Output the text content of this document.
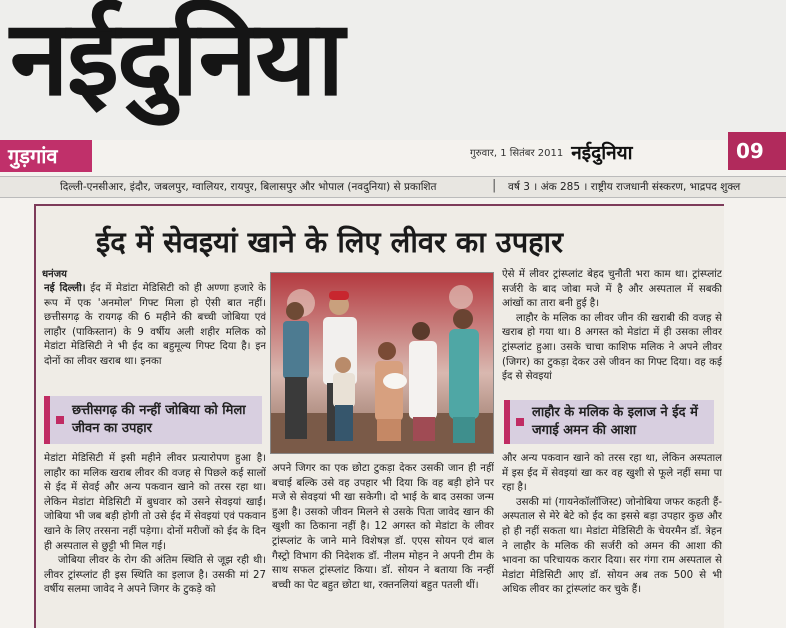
नईदुनिया
गुड़गांव	गुरुवार, 1 सितंबर 2011 नईदुनिया	09
दिल्ली-एनसीआर, इंदौर, जबलपुर, ग्वालियर, रायपुर, बिलासपुर और भोपाल (नवदुनिया) से प्रकाशित	| वर्ष 3 । अंक 285 । राष्ट्रीय राजधानी संस्करण, भाद्रपद शुक्ल
ईद में सेवइयां खाने के लिए लीवर का उपहार
धनंजय

नई दिल्ली। ईद में मेडांटा मेडिसिटी को ही अण्णा हजारे के रूप में एक 'अनमोल' गिफ्ट मिला हो ऐसी बात नहीं। छत्तीसगढ़ के रायगढ़ की 6 महीने की बच्ची जोबिया एवं लाहौर (पाकिस्तान) के 9 वर्षीय अली शहीर मलिक को मेडांटा मेडिसिटी ने भी ईद का बहुमूल्य गिफ्ट दिया है। इन दोनों का लीवर खराब था। इनका

छत्तीसगढ़ की नन्हीं जोबिया को मिला जीवन का उपहार

मेडांटा मेडिसिटी में इसी महीने लीवर प्रत्यारोपण हुआ है। लाहौर का मलिक खराब लीवर की वजह से पिछले कई सालों से ईद में सेवई और अन्य पकवान खाने को तरस रहा था। लेकिन मेडांटा मेडिसिटी में बुधवार को उसने सेवइयां खाईं। जोबिया भी जब बड़ी होगी तो उसे ईद में सेवइयां एवं पकवान खाने के लिए तरसना नहीं पड़ेगा। दोनों मरीजों को ईद के दिन ही अस्पताल से छुट्टी भी मिल गई।

जोबिया लीवर के रोग की अंतिम स्थिति से जूझ रही थी। लीवर ट्रांस्प्लांट ही इस स्थिति का इलाज है। उसकी मां 27 वर्षीय सलमा जावेद ने अपने जिगर के टुकड़े को

अपने जिगर का एक छोटा टुकड़ा देकर उसकी जान ही नहीं बचाई बल्कि उसे वह उपहार भी दिया कि वह बड़ी होने पर मजे से सेवइयां भी खा सकेगी। दो भाई के बाद उसका जन्म हुआ है। उसको जीवन मिलने से उसके पिता जावेद खान की खुशी का ठिकाना नहीं है। 12 अगस्त को मेडांटा के लीवर ट्रांस्प्लांट के जाने माने विशेषज्ञ डॉ. एएस सोयन एवं बाल गैस्ट्रो विभाग की निदेशक डॉ. नीलम मोहन ने अपनी टीम के साथ सफल ट्रांस्प्लांट किया। डॉ. सोयन ने बताया कि नन्हीं बच्ची का पेट बहुत छोटा था, रक्तनलियां बहुत पतली थीं।

ऐसे में लीवर ट्रांस्प्लांट बेहद चुनौती भरा काम था। ट्रांस्प्लांट सर्जरी के बाद जोबा मजे में है और अस्पताल में सबकी आंखों का तारा बनी हुई है।

लाहौर के मलिक का लीवर जीन की खराबी की वजह से खराब हो गया था। 8 अगस्त को मेडांटा में ही उसका लीवर ट्रांस्प्लांट हुआ। उसके चाचा काशिफ मलिक ने अपने लीवर (जिगर) का टुकड़ा देकर उसे जीवन का गिफ्ट दिया। वह कई ईद से सेवइयां

लाहौर के मलिक के इलाज ने ईद में जगाई अमन की आशा

और अन्य पकवान खाने को तरस रहा था, लेकिन अस्पताल में इस ईद में सेवइयां खा कर वह खुशी से फूले नहीं समा पा रहा है।

उसकी मां (गायनेकॉलॉजिस्ट) जोनोबिया जफर कहती हैं- अस्पताल से मेरे बेटे को ईद का इससे बड़ा उपहार कुछ और हो ही नहीं सकता था। मेडांटा मेडिसिटी के चेयरमैन डॉ. त्रेहन ने लाहौर के मलिक की सर्जरी को अमन की आशा की भावना का परिचायक करार दिया। सर गंगा राम अस्पताल से मेडांटा मेडिसिटी आए डॉ. सोयन अब तक 500 से भी अधिक लीवर का ट्रांस्प्लांट कर चुके हैं।
